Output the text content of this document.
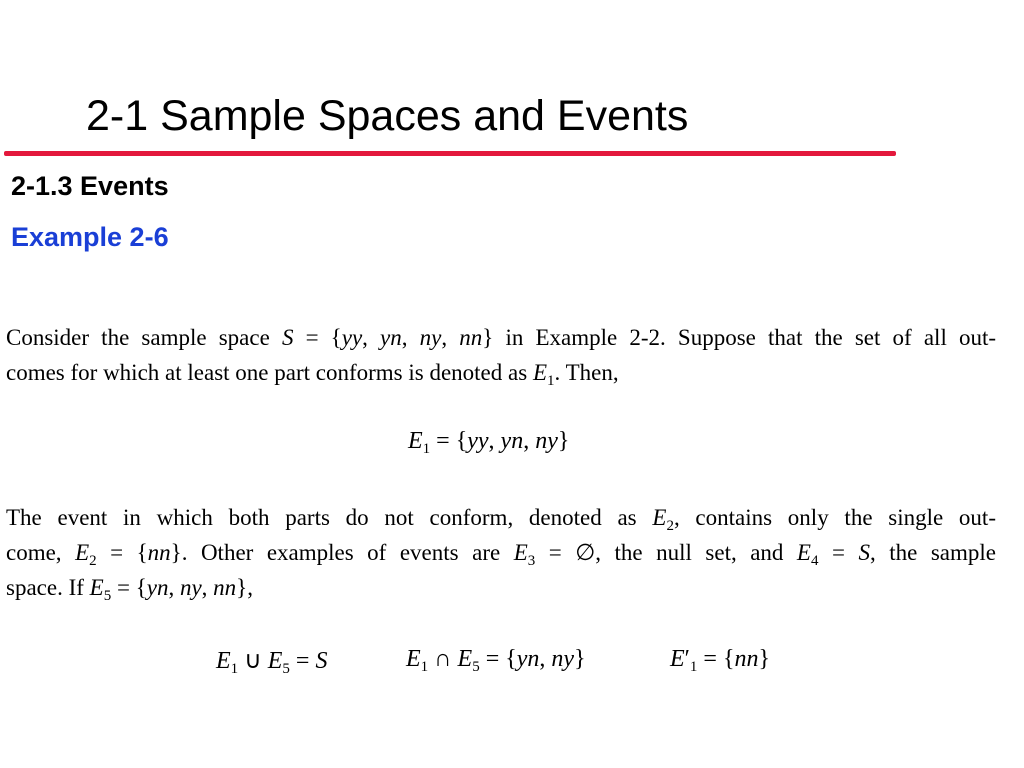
2-1 Sample Spaces and Events
2-1.3 Events
Example 2-6

Consider the sample space S = {yy, yn, ny, nn} in Example 2-2. Suppose that the set of all out-
comes for which at least one part conforms is denoted as $E_1$. Then,

$E_1 = \{yy$, yn, ny}

The event in which both parts do not conform, denoted as $E_2$, contains only the single out-
come, $E_2 = \{nn\}$. Other examples of events are $E_3$ = ∅, the null set, and $E_4 = S$, the sample
space. If $E_5 = \{yn$, ny, nn},

$E_1$ ∪ $E_5 = S$	$E_1$ ∩ $E_5 = \{yn$, ny}	$E'_1 = \{nn\}$
